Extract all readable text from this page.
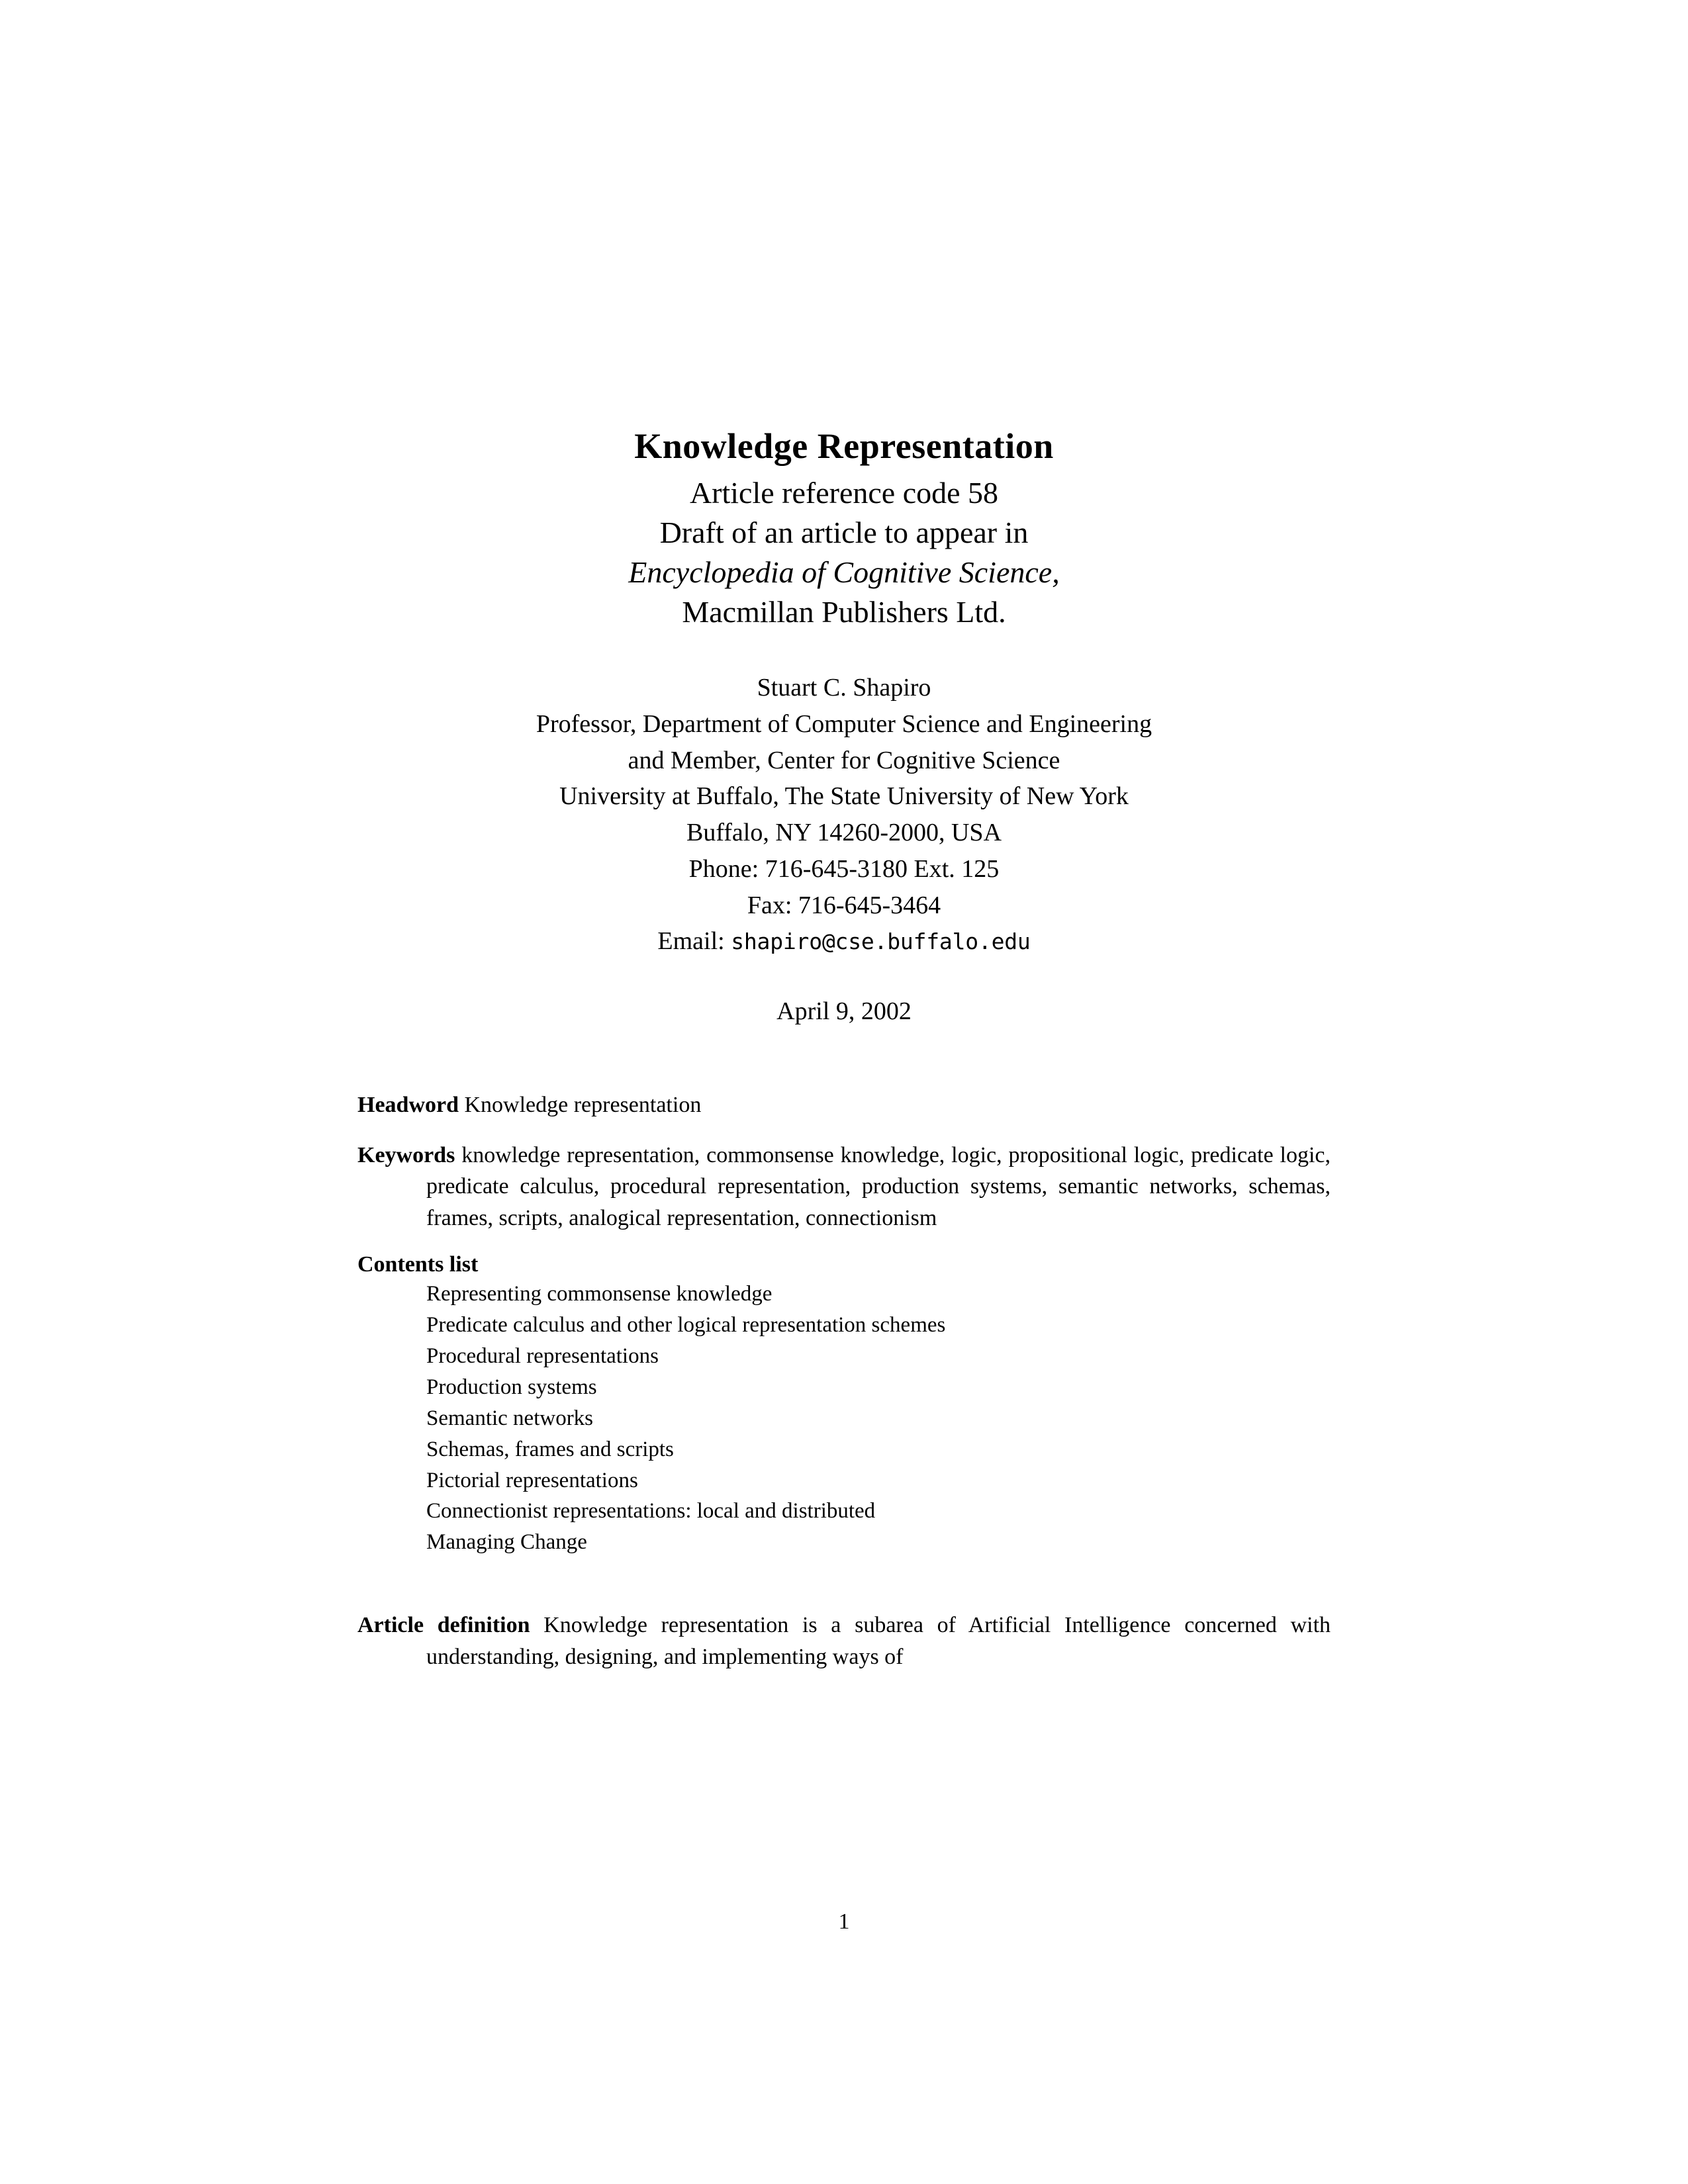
Knowledge Representation
Article reference code 58
Draft of an article to appear in
Encyclopedia of Cognitive Science,
Macmillan Publishers Ltd.
Stuart C. Shapiro
Professor, Department of Computer Science and Engineering
and Member, Center for Cognitive Science
University at Buffalo, The State University of New York
Buffalo, NY 14260-2000, USA
Phone: 716-645-3180 Ext. 125
Fax: 716-645-3464
Email: shapiro@cse.buffalo.edu
April 9, 2002
Headword Knowledge representation
Keywords knowledge representation, commonsense knowledge, logic, propositional logic, predicate logic, predicate calculus, procedural representation, production systems, semantic networks, schemas, frames, scripts, analogical representation, connectionism
Contents list
Representing commonsense knowledge
Predicate calculus and other logical representation schemes
Procedural representations
Production systems
Semantic networks
Schemas, frames and scripts
Pictorial representations
Connectionist representations: local and distributed
Managing Change
Article definition Knowledge representation is a subarea of Artificial Intelligence concerned with understanding, designing, and implementing ways of
1
